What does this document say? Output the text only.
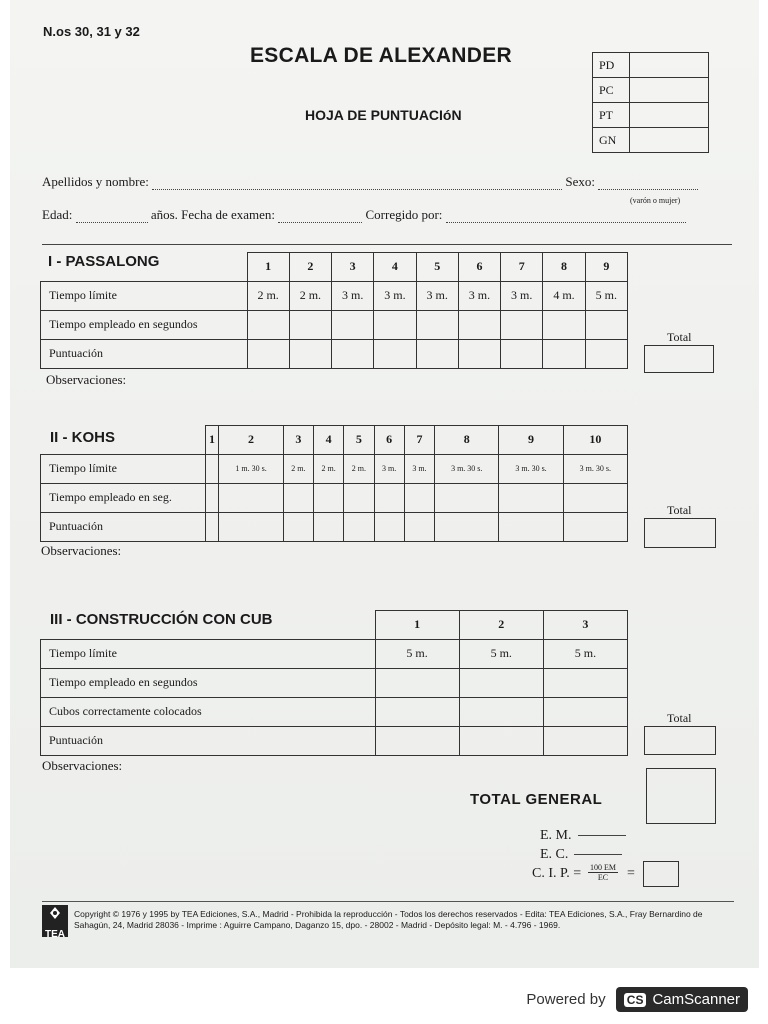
N.os 30, 31 y 32
ESCALA DE ALEXANDER
HOJA DE PUNTUACIóN
PD	
PC	
PT	
GN	
Apellidos y nombre:	Sexo:
(varón o mujer)
Edad:	años. Fecha de examen:	Corregido por:
I - PASSALONG
		1	2	3	4	5	6	7	8	9
Tiempo límite	2 m.	2 m.	3 m.	3 m.	3 m.	3 m.	3 m.	4 m.	5 m.
Tiempo empleado en segundos									
Puntuación									
Total
Observaciones:
II - KOHS
		1	2	3	4	5	6	7	8	9	10
Tiempo límite		1 m. 30 s.	2 m.	2 m.	2 m.	3 m.	3 m.	3 m. 30 s.	3 m. 30 s.	3 m. 30 s.
Tiempo empleado en seg.										
Puntuación										
Total
Observaciones:
III - CONSTRUCCIÓN CON CUB
		1	2	3
Tiempo límite	5 m.	5 m.	5 m.
Tiempo empleado en segundos			
Cubos correctamente colocados			
Puntuación			
Total
Observaciones:
TOTAL GENERAL
E. M.
E. C.
C. I. P. = $\frac{100 EM}{EC}$ =
TEA
Copyright © 1976 y 1995 by TEA Ediciones, S.A., Madrid - Prohibida la reproducción - Todos los derechos reservados - Edita: TEA Ediciones, S.A., Fray Bernardino de Sahagún, 24, Madrid 28036 - Imprime : Aguirre Campano, Daganzo 15, dpo. - 28002 - Madrid - Depósito legal: M. - 4.796 - 1969.
Powered by CS CamScanner
